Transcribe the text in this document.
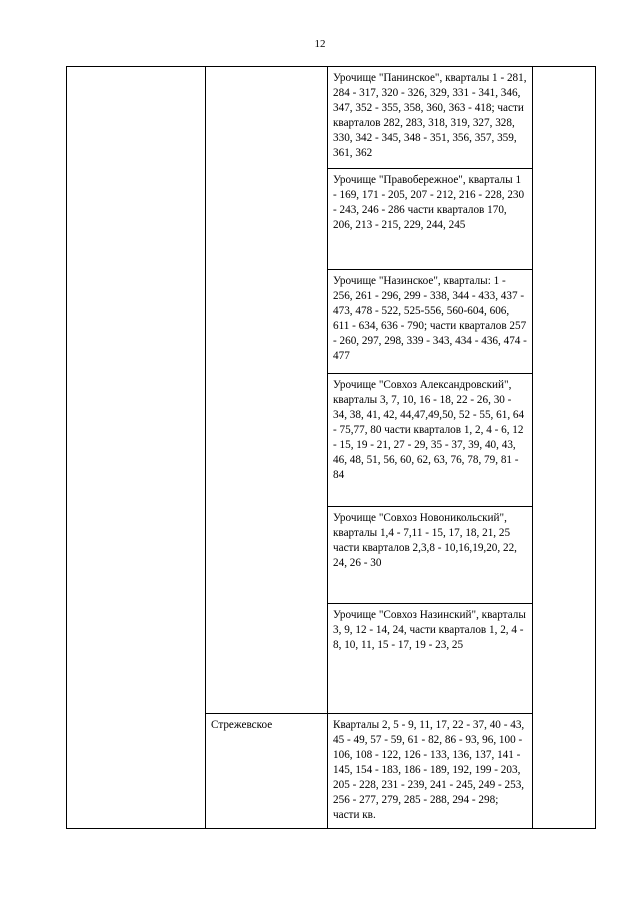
12

		Урочище "Панинское", кварталы 1 - 281, 284 - 317, 320 - 326, 329, 331 - 341, 346, 347, 352 - 355, 358, 360, 363 - 418; части кварталов 282, 283, 318, 319, 327, 328, 330, 342 - 345, 348 - 351, 356, 357, 359, 361, 362	

		Урочище "Правобережное", кварталы 1 - 169, 171 - 205, 207 - 212, 216 - 228, 230 - 243, 246 - 286 части кварталов 170, 206, 213 - 215, 229, 244, 245	

		Урочище "Назинское", кварталы: 1 - 256, 261 - 296, 299 - 338, 344 - 433, 437 - 473, 478 - 522, 525-556, 560-604, 606, 611 - 634, 636 - 790; части кварталов 257 - 260, 297, 298, 339 - 343, 434 - 436, 474 - 477	

		Урочище "Совхоз Александровский", кварталы 3, 7, 10, 16 - 18, 22 - 26, 30 - 34, 38, 41, 42, 44,47,49,50, 52 - 55, 61, 64 - 75,77, 80 части кварталов 1, 2, 4 - 6, 12 - 15, 19 - 21, 27 - 29, 35 - 37, 39, 40, 43, 46, 48, 51, 56, 60, 62, 63, 76, 78, 79, 81 - 84	

		Урочище "Совхоз Новоникольский", кварталы 1,4 - 7,11 - 15, 17, 18, 21, 25 части кварталов 2,3,8 - 10,16,19,20, 22, 24, 26 - 30	

		Урочище "Совхоз Назинский", кварталы 3, 9, 12 - 14, 24, части кварталов 1, 2, 4 - 8, 10, 11, 15 - 17, 19 - 23, 25	

	Стрежевское	Кварталы 2, 5 - 9, 11, 17, 22 - 37, 40 - 43, 45 - 49, 57 - 59, 61 - 82, 86 - 93, 96, 100 - 106, 108 - 122, 126 - 133, 136, 137, 141 - 145, 154 - 183, 186 - 189, 192, 199 - 203, 205 - 228, 231 - 239, 241 - 245, 249 - 253, 256 - 277, 279, 285 - 288, 294 - 298; части кв.	
